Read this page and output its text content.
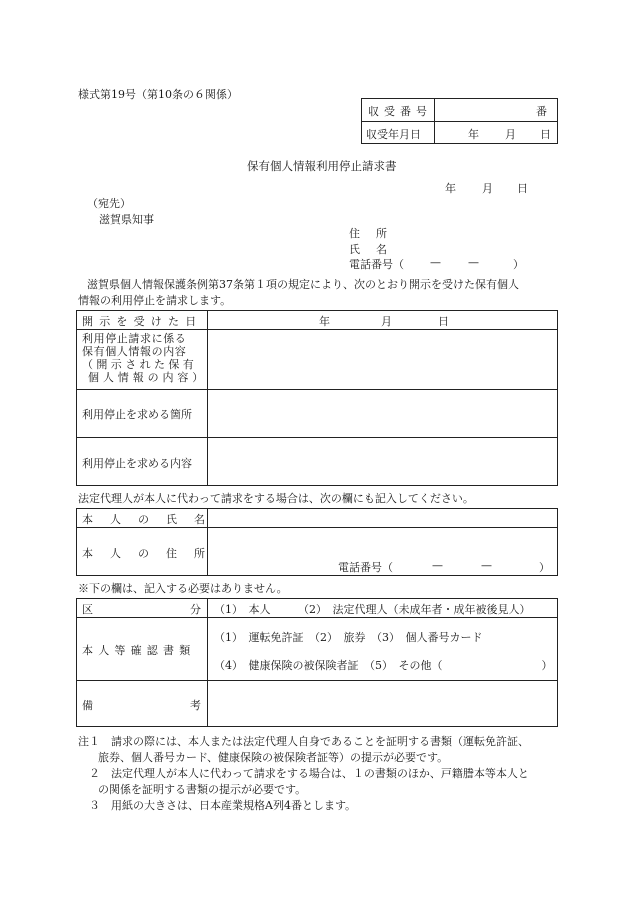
様式第19号（第10条の６関係）
収受番号	番
収受年月日	年 月 日
保有個人情報利用停止請求書
年 月 日
（宛先）
滋賀県知事
住所
氏名
電話番号（ — —	）
滋賀県個人情報保護条例第37条第１項の規定により、次のとおり開示を受けた保有個人
情報の利用停止を請求します。
開示を受けた日	年	月	日
利用停止請求に係る
保有個人情報の内容
（開示された保有
個人情報の内容）
利用停止を求める箇所
利用停止を求める内容
法定代理人が本人に代わって請求をする場合は、次の欄にも記入してください。
本人の氏名
本人の住所
電話番号（	—	—	）
※下の欄は、記入する必要はありません。
区	分 （1）　本人　　　（2）　法定代理人（未成年者・成年被後見人）
本人等確認書類
（1）　運転免許証　（2）　旅券　（3）　個人番号カード
（4）　健康保険の被保険者証　（5）　その他（　　　　　　　　　）
備	考
注１　請求の際には、本人または法定代理人自身であることを証明する書類（運転免許証、
旅券、個人番号カード、健康保険の被保険者証等）の提示が必要です。
２　法定代理人が本人に代わって請求をする場合は、１の書類のほか、戸籍謄本等本人と
の関係を証明する書類の提示が必要です。
３　用紙の大きさは、日本産業規格A列4番とします。
